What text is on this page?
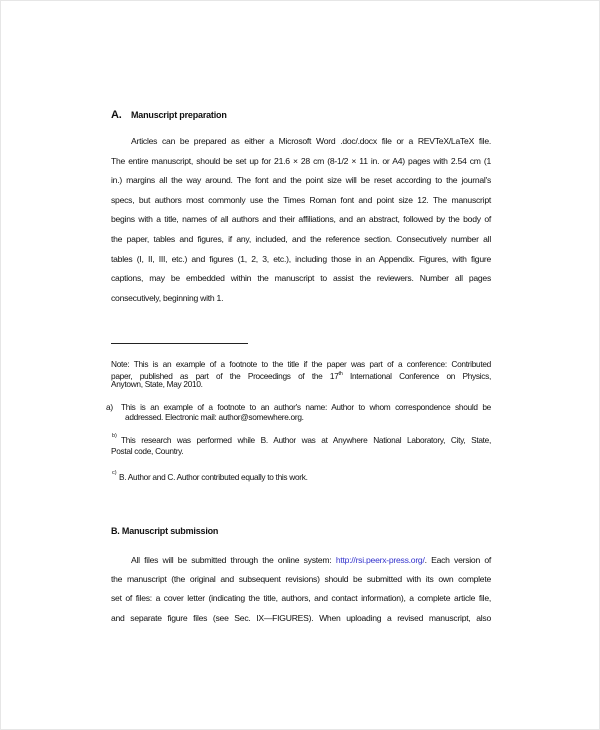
A. Manuscript preparation
Articles can be prepared as either a Microsoft Word .doc/.docx file or a REVTeX/LaTeX file.
The entire manuscript, should be set up for 21.6 × 28 cm (8-1/2 × 11 in. or A4) pages with 2.54 cm (1
in.) margins all the way around. The font and the point size will be reset according to the journal's
specs, but authors most commonly use the Times Roman font and point size 12. The manuscript
begins with a title, names of all authors and their affiliations, and an abstract, followed by the body of
the paper, tables and figures, if any, included, and the reference section. Consecutively number all
tables (I, II, III, etc.) and figures (1, 2, 3, etc.), including those in an Appendix. Figures, with figure
captions, may be embedded within the manuscript to assist the reviewers. Number all pages
consecutively, beginning with 1.
Note: This is an example of a footnote to the title if the paper was part of a conference: Contributed
paper, published as part of the Proceedings of the 17th International Conference on Physics,
Anytown, State, May 2010.
a) This is an example of a footnote to an author's name: Author to whom correspondence should be
addressed. Electronic mail: author@somewhere.org.
b) This research was performed while B. Author was at Anywhere National Laboratory, City, State,
Postal code, Country.
c) B. Author and C. Author contributed equally to this work.
B. Manuscript submission
All files will be submitted through the online system: http://rsi.peerx-press.org/. Each version of
the manuscript (the original and subsequent revisions) should be submitted with its own complete
set of files: a cover letter (indicating the title, authors, and contact information), a complete article file,
and separate figure files (see Sec. IX—FIGURES). When uploading a revised manuscript, also
